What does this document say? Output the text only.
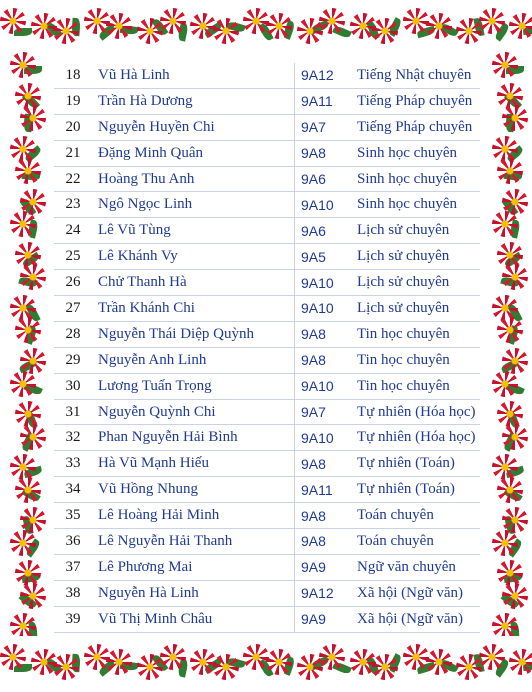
18	Vũ Hà Linh	9A12	Tiếng Nhật chuyên
19	Trần Hà Dương	9A11	Tiếng Pháp chuyên
20	Nguyễn Huyền Chi	9A7	Tiếng Pháp chuyên
21	Đặng Minh Quân	9A8	Sinh học chuyên
22	Hoàng Thu Anh	9A6	Sinh học chuyên
23	Ngô Ngọc Linh	9A10	Sinh học chuyên
24	Lê Vũ Tùng	9A6	Lịch sử chuyên
25	Lê Khánh Vy	9A5	Lịch sử chuyên
26	Chử Thanh Hà	9A10	Lịch sử chuyên
27	Trần Khánh Chi	9A10	Lịch sử chuyên
28	Nguyễn Thái Diệp Quỳnh	9A8	Tin học chuyên
29	Nguyễn Anh Linh	9A8	Tin học chuyên
30	Lương Tuấn Trọng	9A10	Tin học chuyên
31	Nguyễn Quỳnh Chi	9A7	Tự nhiên (Hóa học)
32	Phan Nguyễn Hải Bình	9A10	Tự nhiên (Hóa học)
33	Hà Vũ Mạnh Hiếu	9A8	Tự nhiên (Toán)
34	Vũ Hồng Nhung	9A11	Tự nhiên (Toán)
35	Lê Hoàng Hải Minh	9A8	Toán chuyên
36	Lê Nguyễn Hải Thanh	9A8	Toán chuyên
37	Lê Phương Mai	9A9	Ngữ văn chuyên
38	Nguyễn Hà Linh	9A12	Xã hội (Ngữ văn)
39	Vũ Thị Minh Châu	9A9	Xã hội (Ngữ văn)
